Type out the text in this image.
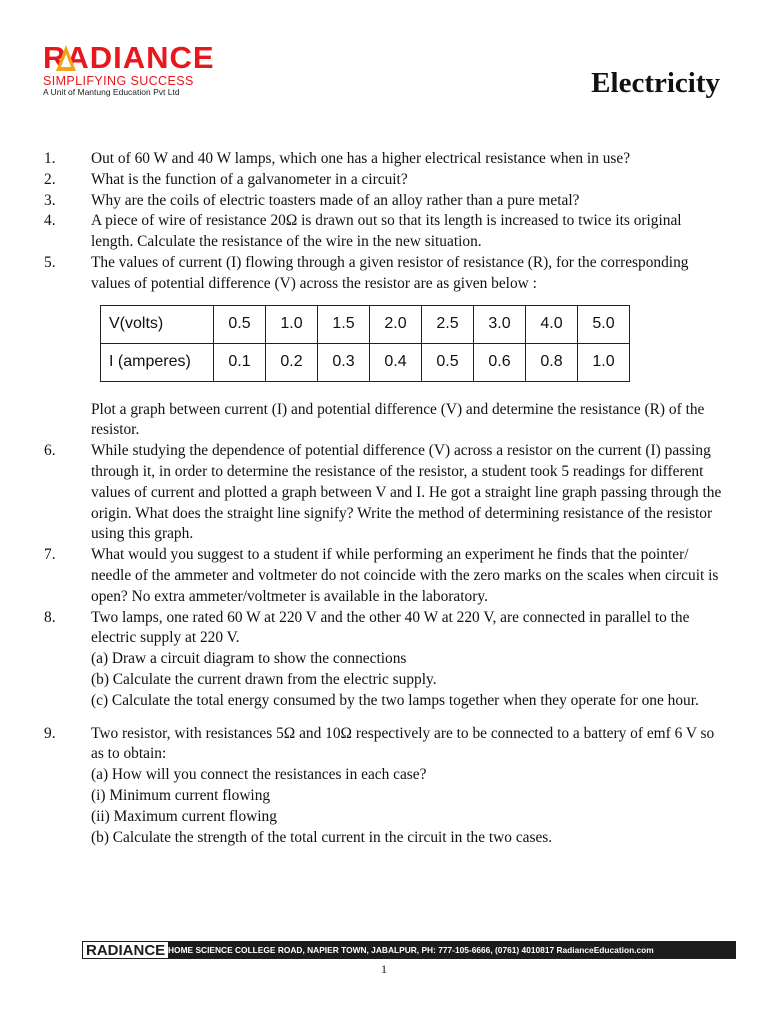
RADIANCE
SIMPLIFYING SUCCESS
A Unit of Mantung Education Pvt Ltd	Electricity
1. Out of 60 W and 40 W lamps, which one has a higher electrical resistance when in use?
2. What is the function of a galvanometer in a circuit?
3. Why are the coils of electric toasters made of an alloy rather than a pure metal?
4. A piece of wire of resistance 20Ω is drawn out so that its length is increased to twice its original length. Calculate the resistance of the wire in the new situation.
5. The values of current (I) flowing through a given resistor of resistance (R), for the corresponding values of potential difference (V) across the resistor are as given below :
V(volts)	0.5	1.0	1.5	2.0	2.5	3.0	4.0	5.0
I (amperes)	0.1	0.2	0.3	0.4	0.5	0.6	0.8	1.0
Plot a graph between current (I) and potential difference (V) and determine the resistance (R) of the resistor.
6. While studying the dependence of potential difference (V) across a resistor on the current (I) passing through it, in order to determine the resistance of the resistor, a student took 5 readings for different values of current and plotted a graph between V and I. He got a straight line graph passing through the origin. What does the straight line signify? Write the method of determining resistance of the resistor using this graph.
7. What would you suggest to a student if while performing an experiment he finds that the pointer/ needle of the ammeter and voltmeter do not coincide with the zero marks on the scales when circuit is open? No extra ammeter/voltmeter is available in the laboratory.
8. Two lamps, one rated 60 W at 220 V and the other 40 W at 220 V, are connected in parallel to the electric supply at 220 V.
(a) Draw a circuit diagram to show the connections
(b) Calculate the current drawn from the electric supply.
(c) Calculate the total energy consumed by the two lamps together when they operate for one hour.
9. Two resistor, with resistances 5Ω and 10Ω respectively are to be connected to a battery of emf 6 V so as to obtain:
(a) How will you connect the resistances in each case?
(i) Minimum current flowing
(ii) Maximum current flowing
(b) Calculate the strength of the total current in the circuit in the two cases.
RADIANCE HOME SCIENCE COLLEGE ROAD, NAPIER TOWN, JABALPUR, PH: 777-105-6666, (0761) 4010817 RadianceEducation.com
1
